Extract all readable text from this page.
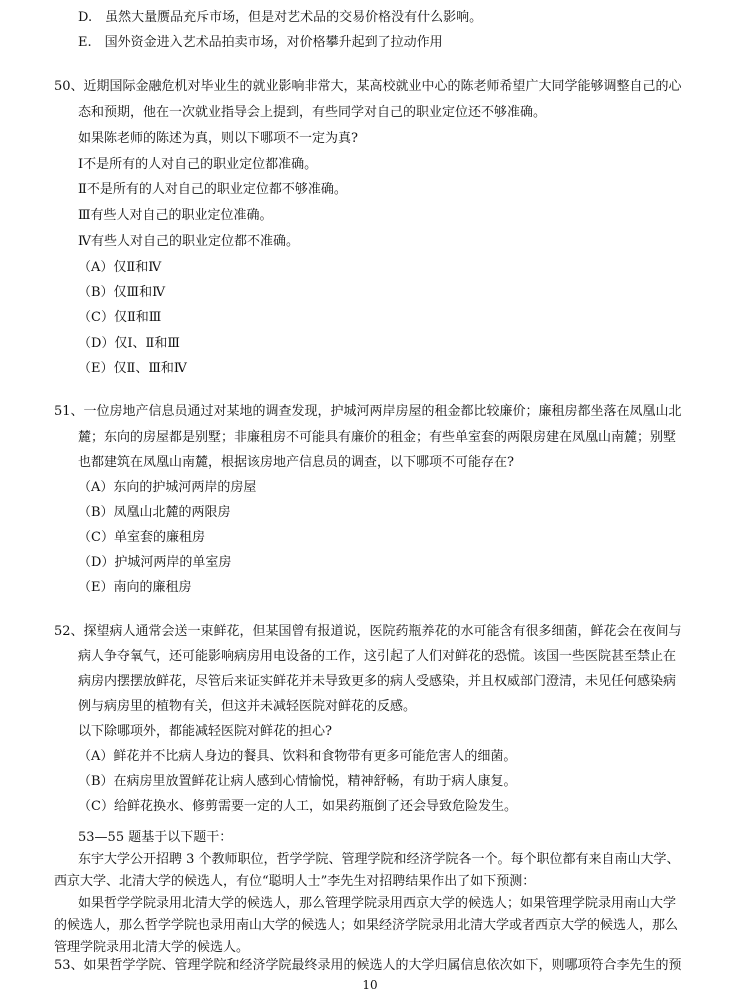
D.　虽然大量赝品充斥市场，但是对艺术品的交易价格没有什么影响。
E.　国外资金进入艺术品拍卖市场，对价格攀升起到了拉动作用
50、近期国际金融危机对毕业生的就业影响非常大，某高校就业中心的陈老师希望广大同学能够调整自己的心
态和预期，他在一次就业指导会上提到，有些同学对自己的职业定位还不够准确。
如果陈老师的陈述为真，则以下哪项不一定为真?
Ⅰ不是所有的人对自己的职业定位都准确。
Ⅱ不是所有的人对自己的职业定位都不够准确。
Ⅲ有些人对自己的职业定位准确。
Ⅳ有些人对自己的职业定位都不准确。
（A）仅Ⅱ和Ⅳ
（B）仅Ⅲ和Ⅳ
（C）仅Ⅱ和Ⅲ
（D）仅Ⅰ、Ⅱ和Ⅲ
（E）仅Ⅱ、Ⅲ和Ⅳ
51、一位房地产信息员通过对某地的调查发现，护城河两岸房屋的租金都比较廉价；廉租房都坐落在凤凰山北
麓；东向的房屋都是别墅；非廉租房不可能具有廉价的租金；有些单室套的两限房建在凤凰山南麓；别墅
也都建筑在凤凰山南麓，根据该房地产信息员的调查，以下哪项不可能存在?
（A）东向的护城河两岸的房屋
（B）凤凰山北麓的两限房
（C）单室套的廉租房
（D）护城河两岸的单室房
（E）南向的廉租房
52、探望病人通常会送一束鲜花，但某国曾有报道说，医院药瓶养花的水可能含有很多细菌，鲜花会在夜间与
病人争夺氧气，还可能影响病房用电设备的工作，这引起了人们对鲜花的恐慌。该国一些医院甚至禁止在
病房内摆摆放鲜花，尽管后来证实鲜花并未导致更多的病人受感染，并且权威部门澄清，未见任何感染病
例与病房里的植物有关，但这并未减轻医院对鲜花的反感。
以下除哪项外，都能减轻医院对鲜花的担心?
（A）鲜花并不比病人身边的餐具、饮料和食物带有更多可能危害人的细菌。
（B）在病房里放置鲜花让病人感到心情愉悦，精神舒畅，有助于病人康复。
（C）给鲜花换水、修剪需要一定的人工，如果药瓶倒了还会导致危险发生。
53—55 题基于以下题干：
东宇大学公开招聘 3 个教师职位，哲学学院、管理学院和经济学院各一个。每个职位都有来自南山大学、
西京大学、北清大学的候选人，有位“聪明人士”李先生对招聘结果作出了如下预测：
如果哲学学院录用北清大学的候选人，那么管理学院录用西京大学的候选人；如果管理学院录用南山大学
的候选人，那么哲学学院也录用南山大学的候选人；如果经济学院录用北清大学或者西京大学的候选人，那么
10
管理学院录用北清大学的候选人。
53、如果哲学学院、管理学院和经济学院最终录用的候选人的大学归属信息依次如下，则哪项符合李先生的预
